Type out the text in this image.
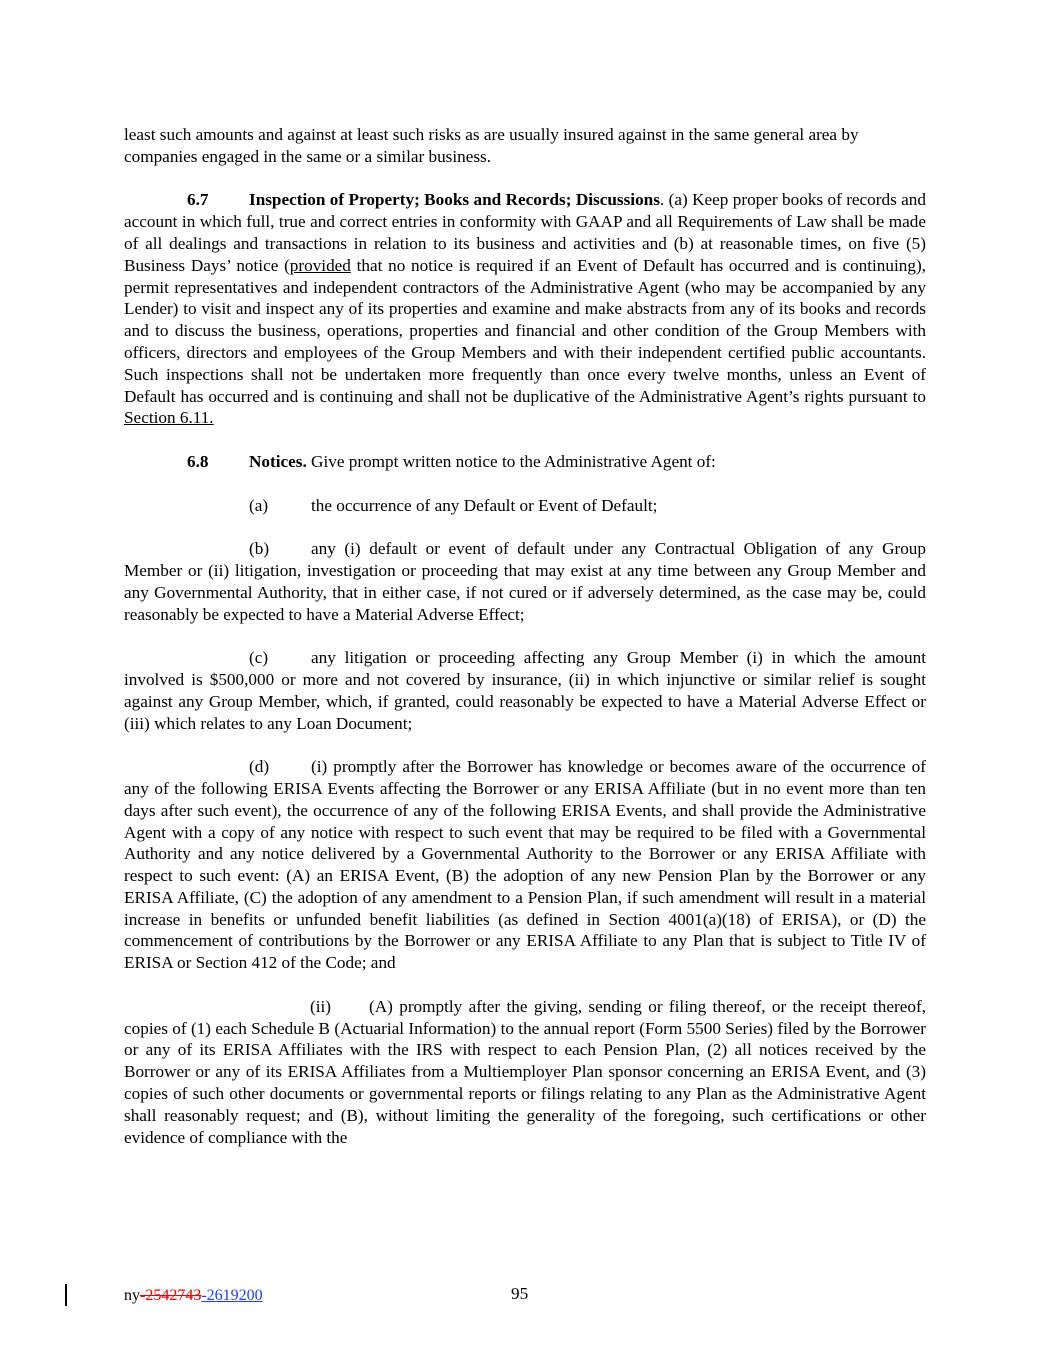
least such amounts and against at least such risks as are usually insured against in the same general area by companies engaged in the same or a similar business.

6.7 Inspection of Property; Books and Records; Discussions. (a) Keep proper books of records and account in which full, true and correct entries in conformity with GAAP and all Requirements of Law shall be made of all dealings and transactions in relation to its business and activities and (b) at reasonable times, on five (5) Business Days’ notice (provided that no notice is required if an Event of Default has occurred and is continuing), permit representatives and independent contractors of the Administrative Agent (who may be accompanied by any Lender) to visit and inspect any of its properties and examine and make abstracts from any of its books and records and to discuss the business, operations, properties and financial and other condition of the Group Members with officers, directors and employees of the Group Members and with their independent certified public accountants. Such inspections shall not be undertaken more frequently than once every twelve months, unless an Event of Default has occurred and is continuing and shall not be duplicative of the Administrative Agent’s rights pursuant to Section 6.11.

6.8 Notices. Give prompt written notice to the Administrative Agent of:

(a) the occurrence of any Default or Event of Default;

(b) any (i) default or event of default under any Contractual Obligation of any Group Member or (ii) litigation, investigation or proceeding that may exist at any time between any Group Member and any Governmental Authority, that in either case, if not cured or if adversely determined, as the case may be, could reasonably be expected to have a Material Adverse Effect;

(c) any litigation or proceeding affecting any Group Member (i) in which the amount involved is $500,000 or more and not covered by insurance, (ii) in which injunctive or similar relief is sought against any Group Member, which, if granted, could reasonably be expected to have a Material Adverse Effect or (iii) which relates to any Loan Document;

(d) (i) promptly after the Borrower has knowledge or becomes aware of the occurrence of any of the following ERISA Events affecting the Borrower or any ERISA Affiliate (but in no event more than ten days after such event), the occurrence of any of the following ERISA Events, and shall provide the Administrative Agent with a copy of any notice with respect to such event that may be required to be filed with a Governmental Authority and any notice delivered by a Governmental Authority to the Borrower or any ERISA Affiliate with respect to such event: (A) an ERISA Event, (B) the adoption of any new Pension Plan by the Borrower or any ERISA Affiliate, (C) the adoption of any amendment to a Pension Plan, if such amendment will result in a material increase in benefits or unfunded benefit liabilities (as defined in Section 4001(a)(18) of ERISA), or (D) the commencement of contributions by the Borrower or any ERISA Affiliate to any Plan that is subject to Title IV of ERISA or Section 412 of the Code; and

(ii) (A) promptly after the giving, sending or filing thereof, or the receipt thereof, copies of (1) each Schedule B (Actuarial Information) to the annual report (Form 5500 Series) filed by the Borrower or any of its ERISA Affiliates with the IRS with respect to each Pension Plan, (2) all notices received by the Borrower or any of its ERISA Affiliates from a Multiemployer Plan sponsor concerning an ERISA Event, and (3) copies of such other documents or governmental reports or filings relating to any Plan as the Administrative Agent shall reasonably request; and (B), without limiting the generality of the foregoing, such certifications or other evidence of compliance with the

ny-2542743-2619200	95
